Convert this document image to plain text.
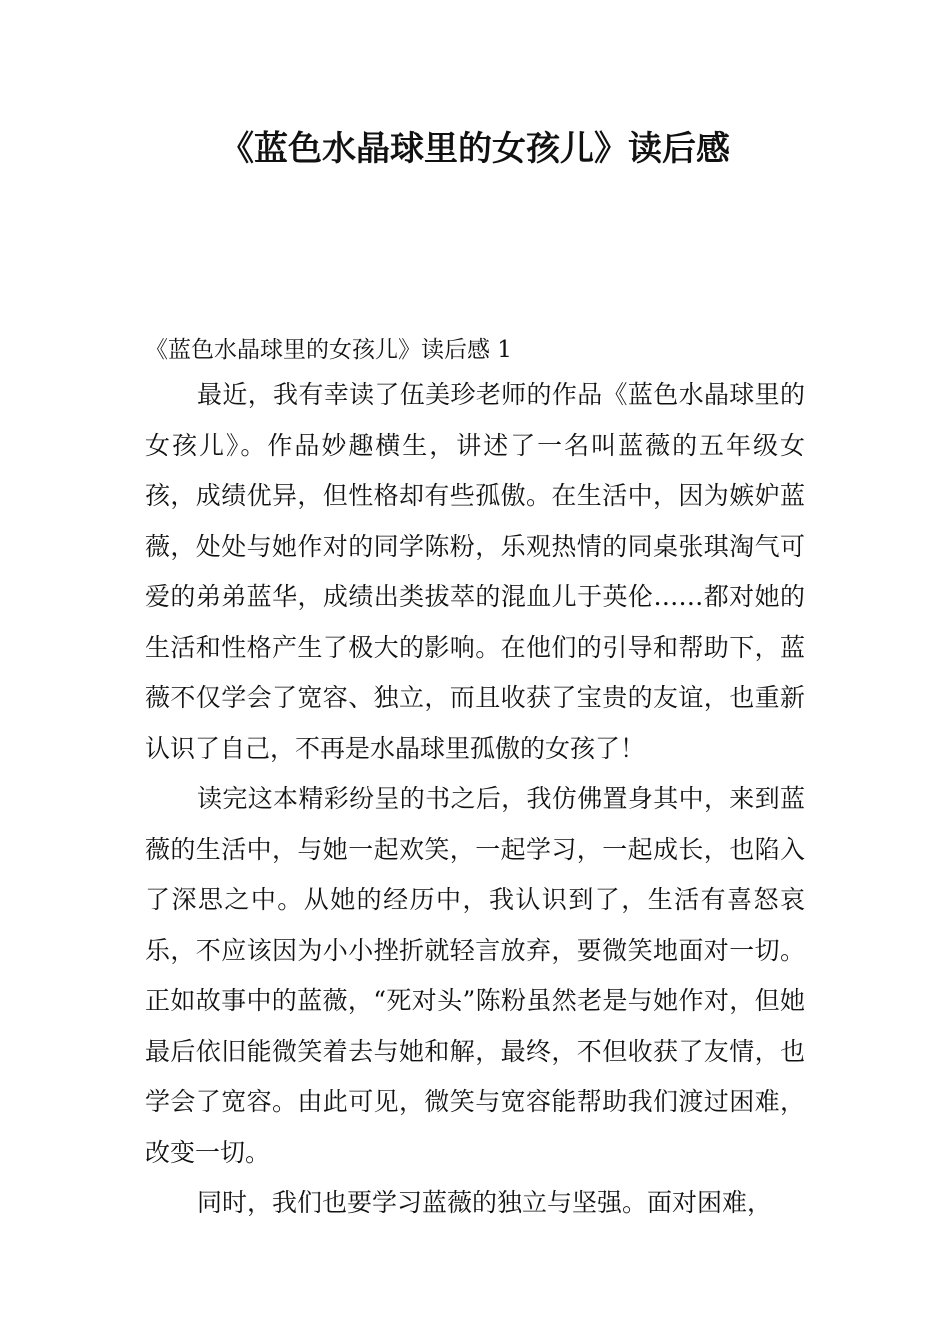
《蓝色水晶球里的女孩儿》读后感

《蓝色水晶球里的女孩儿》读后感 1

最近，我有幸读了伍美珍老师的作品《蓝色水晶球里的女孩儿》。作品妙趣横生，讲述了一名叫蓝薇的五年级女孩，成绩优异，但性格却有些孤傲。在生活中，因为嫉妒蓝薇，处处与她作对的同学陈粉，乐观热情的同桌张琪淘气可爱的弟弟蓝华，成绩出类拔萃的混血儿于英伦……都对她的生活和性格产生了极大的影响。在他们的引导和帮助下，蓝薇不仅学会了宽容、独立，而且收获了宝贵的友谊，也重新认识了自己，不再是水晶球里孤傲的女孩了！

读完这本精彩纷呈的书之后，我仿佛置身其中，来到蓝薇的生活中，与她一起欢笑，一起学习，一起成长，也陷入了深思之中。从她的经历中，我认识到了，生活有喜怒哀乐，不应该因为小小挫折就轻言放弃，要微笑地面对一切。正如故事中的蓝薇，“死对头”陈粉虽然老是与她作对，但她最后依旧能微笑着去与她和解，最终，不但收获了友情，也学会了宽容。由此可见，微笑与宽容能帮助我们渡过困难，改变一切。

同时，我们也要学习蓝薇的独立与坚强。面对困难，
